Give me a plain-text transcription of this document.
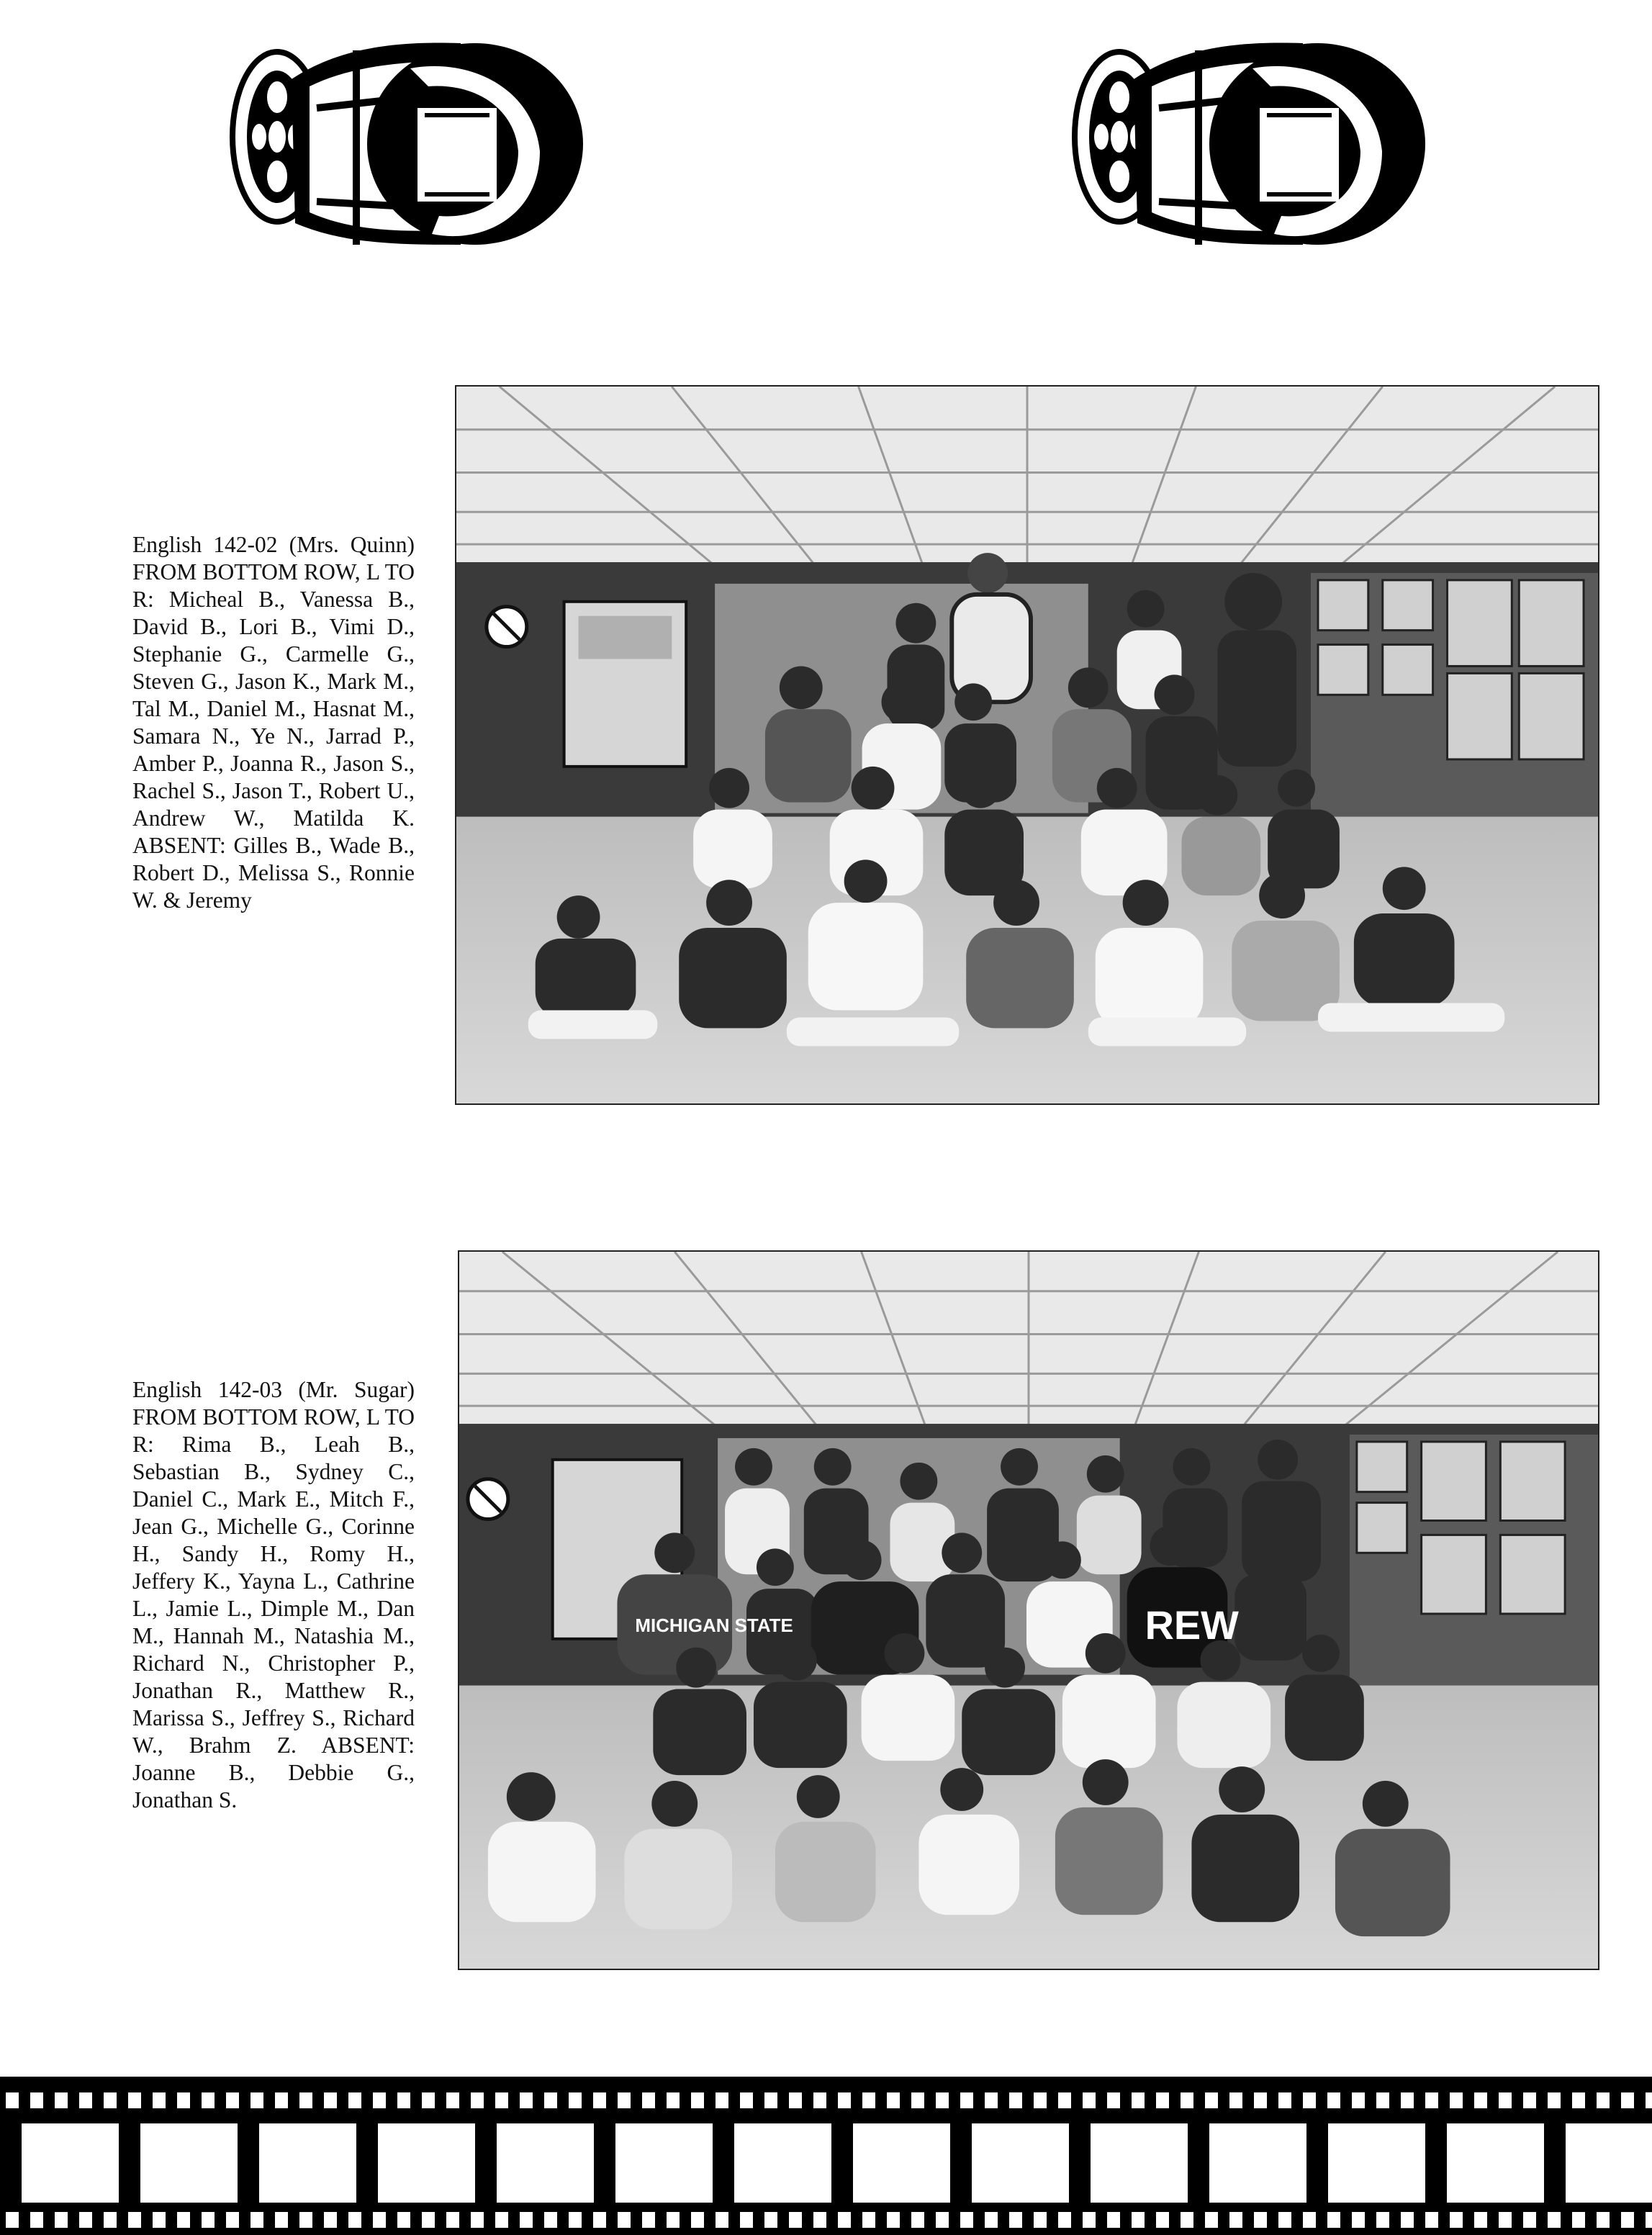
English 142-02 (Mrs. Quinn) FROM BOTTOM ROW, L TO R: Micheal B., Vanessa B., David B., Lori B., Vimi D., Stephanie G., Carmelle G., Steven G., Jason K., Mark M., Tal M., Daniel M., Hasnat M., Samara N., Ye N., Jarrad P., Amber P., Joanna R., Jason S., Rachel S., Jason T., Robert U., Andrew W., Matilda K. ABSENT: Gilles B., Wade B., Robert D., Melissa S., Ronnie W. & Jeremy

English 142-03 (Mr. Sugar) FROM BOTTOM ROW, L TO R: Rima B., Leah B., Sebastian B., Sydney C., Daniel C., Mark E., Mitch F., Jean G., Michelle G., Corinne H., Sandy H., Romy H., Jeffery K., Yayna L., Cathrine L., Jamie L., Dimple M., Dan M., Hannah M., Natashia M., Richard N., Christopher P., Jonathan R., Matthew R., Marissa S., Jeffrey S., Richard W., Brahm Z. ABSENT: Joanne B., Debbie G., Jonathan S.

MICHIGAN STATE	REW
